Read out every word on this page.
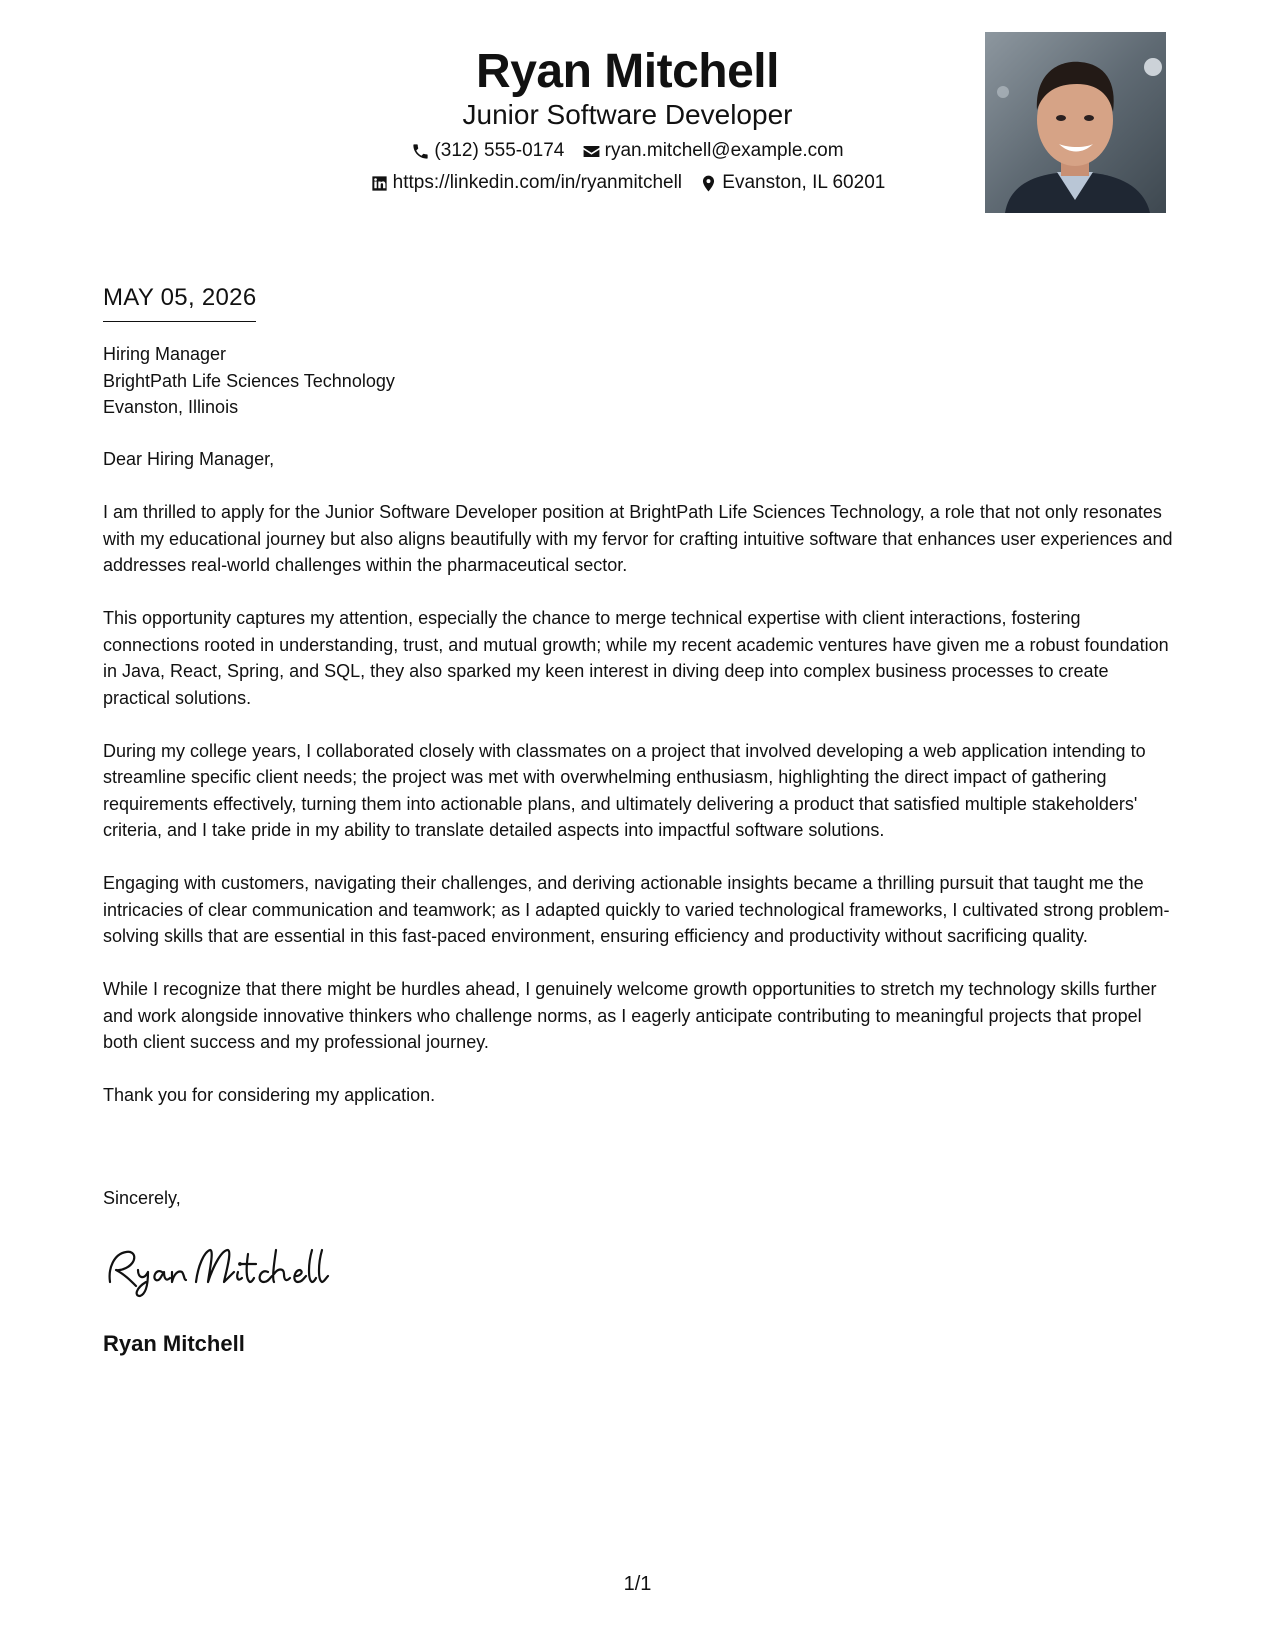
Ryan Mitchell
Junior Software Developer
(312) 555-0174
ryan.mitchell@example.com
https://linkedin.com/in/ryanmitchell
Evanston, IL 60201
MAY 05, 2026
Hiring Manager
BrightPath Life Sciences Technology
Evanston, Illinois

Dear Hiring Manager,

I am thrilled to apply for the Junior Software Developer position at BrightPath Life Sciences Technology, a role that not only resonates with my educational journey but also aligns beautifully with my fervor for crafting intuitive software that enhances user experiences and addresses real-world challenges within the pharmaceutical sector.

This opportunity captures my attention, especially the chance to merge technical expertise with client interactions, fostering connections rooted in understanding, trust, and mutual growth; while my recent academic ventures have given me a robust foundation in Java, React, Spring, and SQL, they also sparked my keen interest in diving deep into complex business processes to create practical solutions.

During my college years, I collaborated closely with classmates on a project that involved developing a web application intending to streamline specific client needs; the project was met with overwhelming enthusiasm, highlighting the direct impact of gathering requirements effectively, turning them into actionable plans, and ultimately delivering a product that satisfied multiple stakeholders' criteria, and I take pride in my ability to translate detailed aspects into impactful software solutions.

Engaging with customers, navigating their challenges, and deriving actionable insights became a thrilling pursuit that taught me the intricacies of clear communication and teamwork; as I adapted quickly to varied technological frameworks, I cultivated strong problem-solving skills that are essential in this fast-paced environment, ensuring efficiency and productivity without sacrificing quality.

While I recognize that there might be hurdles ahead, I genuinely welcome growth opportunities to stretch my technology skills further and work alongside innovative thinkers who challenge norms, as I eagerly anticipate contributing to meaningful projects that propel both client success and my professional journey.

Thank you for considering my application.

Sincerely,
Ryan Mitchell
1/1
